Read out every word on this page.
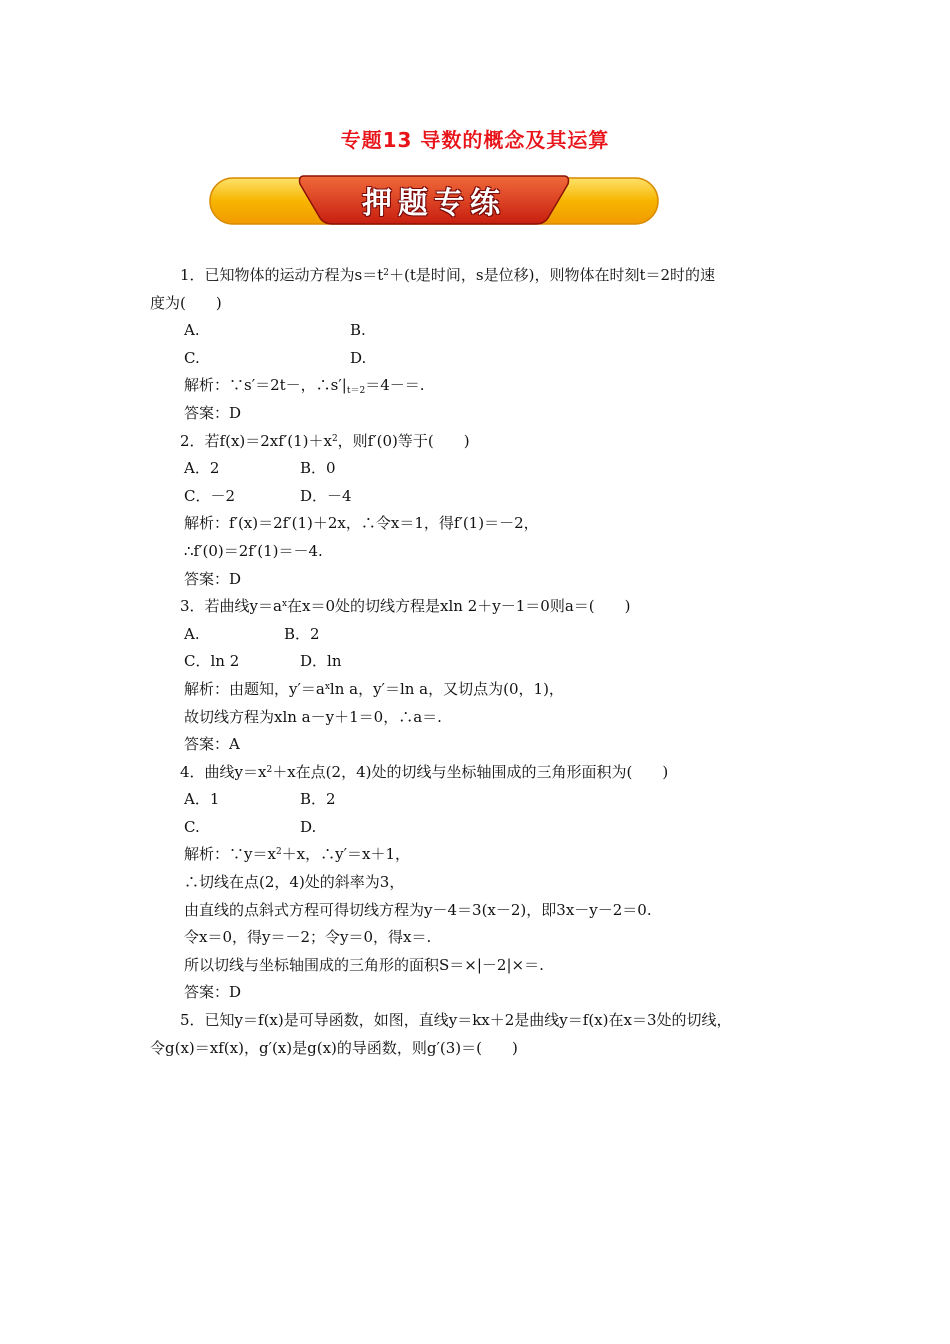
专题13 导数的概念及其运算
押题专练
1．已知物体的运动方程为$s=t^2+(t$是时间，s是位移)，则物体在时刻t＝2时的速
度为(　　)
A.	B.
C.	D.
解析：∵s′＝2t－，$\therefore s'|_{t=2}=4-=$.
答案：D
2．若$f(x)=2xf'(1)+x^2$，则f′(0)等于(　　)
A．2	B．0
C．－2	D．－4
解析：f′(x)＝2f′(1)＋2x，∴令x＝1，得f′(1)＝－2，
∴f′(0)＝2f′(1)＝－4.
答案：D
3．若曲线$y=a^x$在x＝0处的切线方程是xln 2＋y－1＝0则a＝(　　)
A.	B．2
C．ln 2	D．ln
解析：由题知，$y'=a^x\ln$ a，y′＝ln a，又切点为(0，1)，
故切线方程为xln a－y＋1＝0，∴a＝.
答案：A
4．曲线$y=x^2+x$在点(2，4)处的切线与坐标轴围成的三角形面积为(　　)
A．1	B．2
C.	D.
解析：$\because y=x^2+x$，∴y′＝x＋1，
∴切线在点(2，4)处的斜率为3，
由直线的点斜式方程可得切线方程为y－4＝3(x－2)，即3x－y－2＝0.
令x＝0，得y＝－2；令y＝0，得x＝.
所以切线与坐标轴围成的三角形的面积S＝×|－2|×＝.
答案：D
5．已知y＝f(x)是可导函数，如图，直线y＝kx＋2是曲线y＝f(x)在x＝3处的切线，
令g(x)＝xf(x)，g′(x)是g(x)的导函数，则g′(3)＝(　　)
